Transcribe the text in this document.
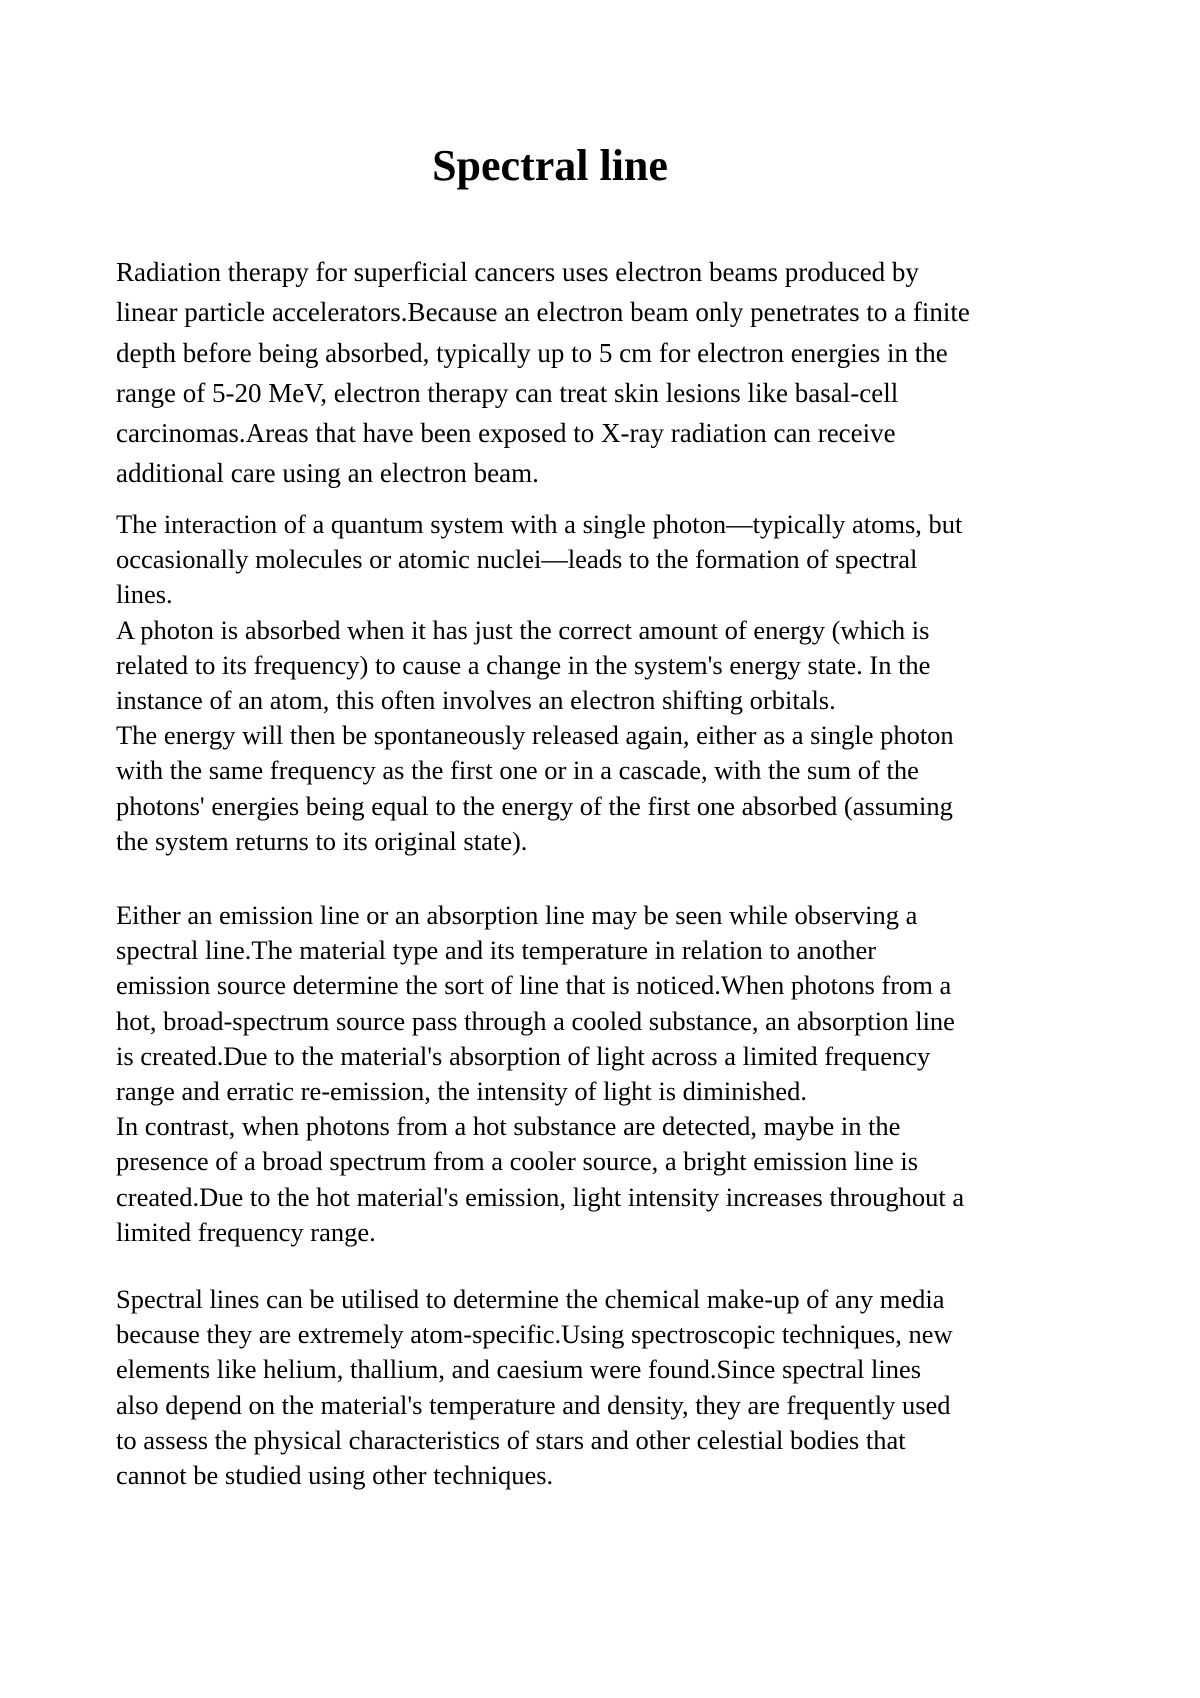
Spectral line

Radiation therapy for superficial cancers uses electron beams produced by
linear particle accelerators.Because an electron beam only penetrates to a finite
depth before being absorbed, typically up to 5 cm for electron energies in the
range of 5-20 MeV, electron therapy can treat skin lesions like basal-cell
carcinomas.Areas that have been exposed to X-ray radiation can receive
additional care using an electron beam.

The interaction of a quantum system with a single photon—typically atoms, but
occasionally molecules or atomic nuclei—leads to the formation of spectral
lines.
A photon is absorbed when it has just the correct amount of energy (which is
related to its frequency) to cause a change in the system's energy state. In the
instance of an atom, this often involves an electron shifting orbitals.
The energy will then be spontaneously released again, either as a single photon
with the same frequency as the first one or in a cascade, with the sum of the
photons' energies being equal to the energy of the first one absorbed (assuming
the system returns to its original state).

Either an emission line or an absorption line may be seen while observing a
spectral line.The material type and its temperature in relation to another
emission source determine the sort of line that is noticed.When photons from a
hot, broad-spectrum source pass through a cooled substance, an absorption line
is created.Due to the material's absorption of light across a limited frequency
range and erratic re-emission, the intensity of light is diminished.
In contrast, when photons from a hot substance are detected, maybe in the
presence of a broad spectrum from a cooler source, a bright emission line is
created.Due to the hot material's emission, light intensity increases throughout a
limited frequency range.

Spectral lines can be utilised to determine the chemical make-up of any media
because they are extremely atom-specific.Using spectroscopic techniques, new
elements like helium, thallium, and caesium were found.Since spectral lines
also depend on the material's temperature and density, they are frequently used
to assess the physical characteristics of stars and other celestial bodies that
cannot be studied using other techniques.
